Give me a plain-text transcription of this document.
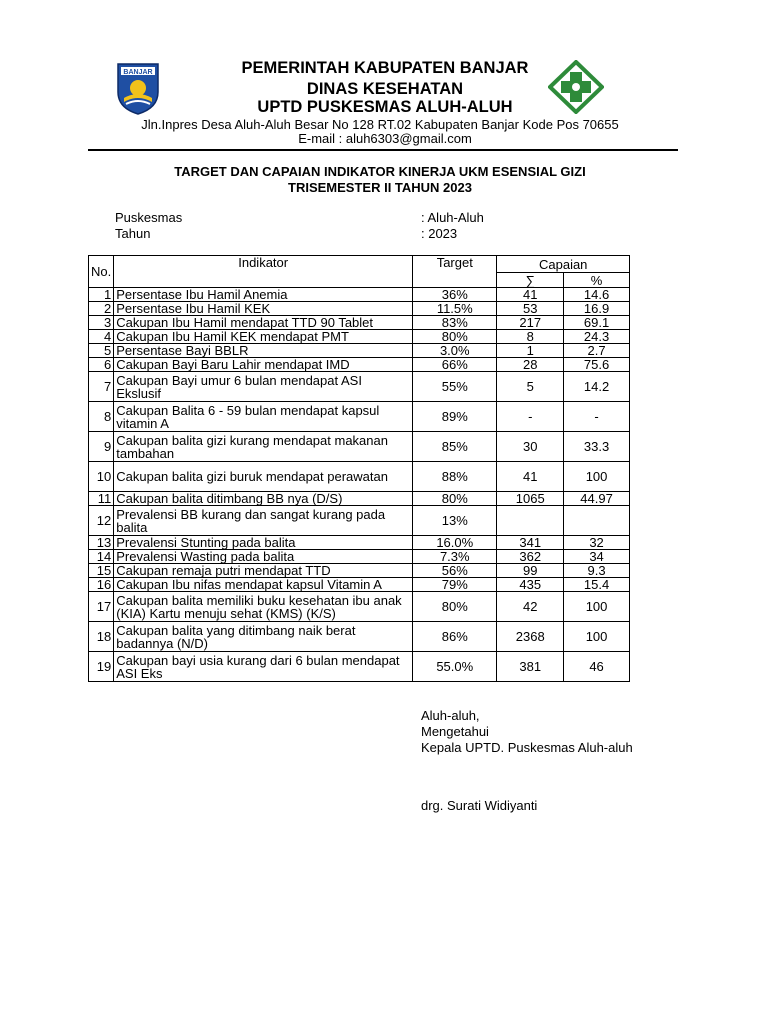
BANJAR	PEMERINTAH KABUPATEN BANJAR
DINAS KESEHATAN
UPTD PUSKESMAS ALUH-ALUH
Jln.Inpres Desa Aluh-Aluh Besar No 128 RT.02 Kabupaten Banjar Kode Pos 70655
E-mail : aluh6303@gmail.com
TARGET DAN CAPAIAN INDIKATOR KINERJA UKM ESENSIAL GIZI
TRISEMESTER II TAHUN 2023
Puskesmas	: Aluh-Aluh
Tahun	: 2023
No.	Indikator	Target	Capaian	
			∑	%
1	Persentase Ibu Hamil Anemia	36%	41	14.6
2	Persentase Ibu Hamil KEK	11.5%	53	16.9
3	Cakupan Ibu Hamil mendapat TTD 90 Tablet	83%	217	69.1
4	Cakupan Ibu Hamil KEK mendapat PMT	80%	8	24.3
5	Persentase Bayi BBLR	3.0%	1	2.7
6	Cakupan Bayi Baru Lahir mendapat IMD	66%	28	75.6
7	Cakupan Bayi umur 6 bulan mendapat ASI Ekslusif	55%	5	14.2
8	Cakupan Balita 6 - 59 bulan mendapat kapsul vitamin A	89%	-	-
9	Cakupan balita gizi kurang mendapat makanan tambahan	85%	30	33.3
10	Cakupan balita gizi buruk mendapat perawatan	88%	41	100
11	Cakupan balita ditimbang BB nya (D/S)	80%	1065	44.97
12	Prevalensi BB kurang dan sangat kurang pada balita	13%		
13	Prevalensi Stunting pada balita	16.0%	341	32
14	Prevalensi Wasting pada balita	7.3%	362	34
15	Cakupan remaja putri mendapat TTD	56%	99	9.3
16	Cakupan Ibu nifas mendapat kapsul Vitamin A	79%	435	15.4
17	Cakupan balita memiliki buku kesehatan ibu anak (KIA) Kartu menuju sehat (KMS) (K/S)	80%	42	100
18	Cakupan balita yang ditimbang naik berat badannya (N/D)	86%	2368	100
19	Cakupan bayi usia kurang dari 6 bulan mendapat ASI Eks	55.0%	381	46
Aluh-aluh,
Mengetahui
Kepala UPTD. Puskesmas Aluh-aluh
drg. Surati Widiyanti
